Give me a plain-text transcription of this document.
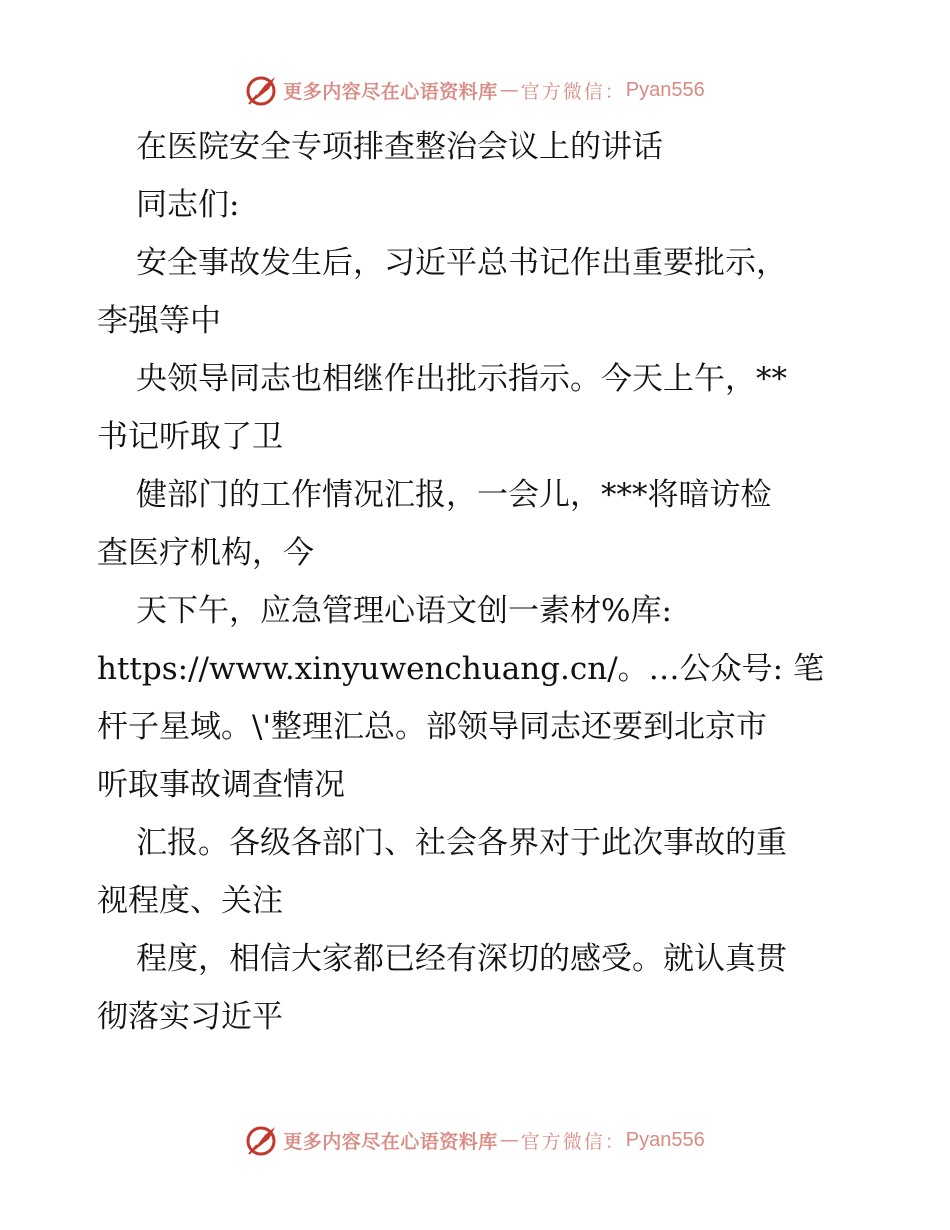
更多内容尽在心语资料库 — 官方微信： Pyan556
在医院安全专项排查整治会议上的讲话
同志们:
安全事故发生后，习近平总书记作出重要批示，
李强等中
央领导同志也相继作出批示指示。今天上午，**
书记听取了卫
健部门的工作情况汇报，一会儿，***将暗访检
查医疗机构，今
天下午，应急管理心语文创一素材%库:
https://www.xinyuwenchuang.cn/。…公众号: 笔
杆子星域。\'整理汇总。部领导同志还要到北京市
听取事故调查情况
汇报。各级各部门、社会各界对于此次事故的重
视程度、关注
程度，相信大家都已经有深切的感受。就认真贯
彻落实习近平
更多内容尽在心语资料库 — 官方微信： Pyan556
